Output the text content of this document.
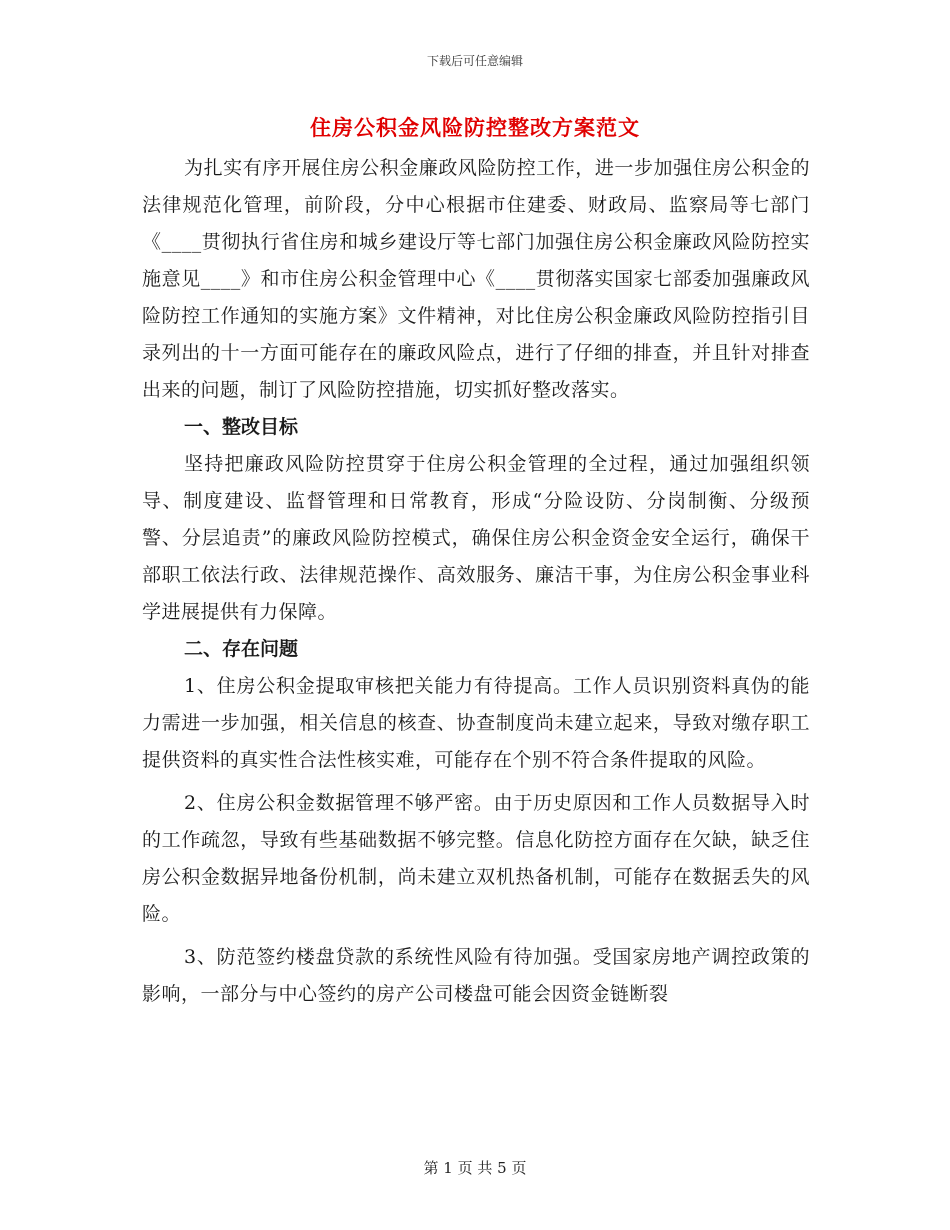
下载后可任意编辑
住房公积金风险防控整改方案范文

为扎实有序开展住房公积金廉政风险防控工作，进一步加强住房公积金的法律规范化管理，前阶段，分中心根据市住建委、财政局、监察局等七部门《____贯彻执行省住房和城乡建设厅等七部门加强住房公积金廉政风险防控实施意见____》和市住房公积金管理中心《____贯彻落实国家七部委加强廉政风险防控工作通知的实施方案》文件精神，对比住房公积金廉政风险防控指引目录列出的十一方面可能存在的廉政风险点，进行了仔细的排查，并且针对排查出来的问题，制订了风险防控措施，切实抓好整改落实。

一、整改目标

坚持把廉政风险防控贯穿于住房公积金管理的全过程，通过加强组织领导、制度建设、监督管理和日常教育，形成“分险设防、分岗制衡、分级预警、分层追责”的廉政风险防控模式，确保住房公积金资金安全运行，确保干部职工依法行政、法律规范操作、高效服务、廉洁干事，为住房公积金事业科学进展提供有力保障。

二、存在问题

1、住房公积金提取审核把关能力有待提高。工作人员识别资料真伪的能力需进一步加强，相关信息的核查、协查制度尚未建立起来，导致对缴存职工提供资料的真实性合法性核实难，可能存在个别不符合条件提取的风险。

2、住房公积金数据管理不够严密。由于历史原因和工作人员数据导入时的工作疏忽，导致有些基础数据不够完整。信息化防控方面存在欠缺，缺乏住房公积金数据异地备份机制，尚未建立双机热备机制，可能存在数据丢失的风险。

3、防范签约楼盘贷款的系统性风险有待加强。受国家房地产调控政策的影响，一部分与中心签约的房产公司楼盘可能会因资金链断裂

第 1 页 共 5 页
